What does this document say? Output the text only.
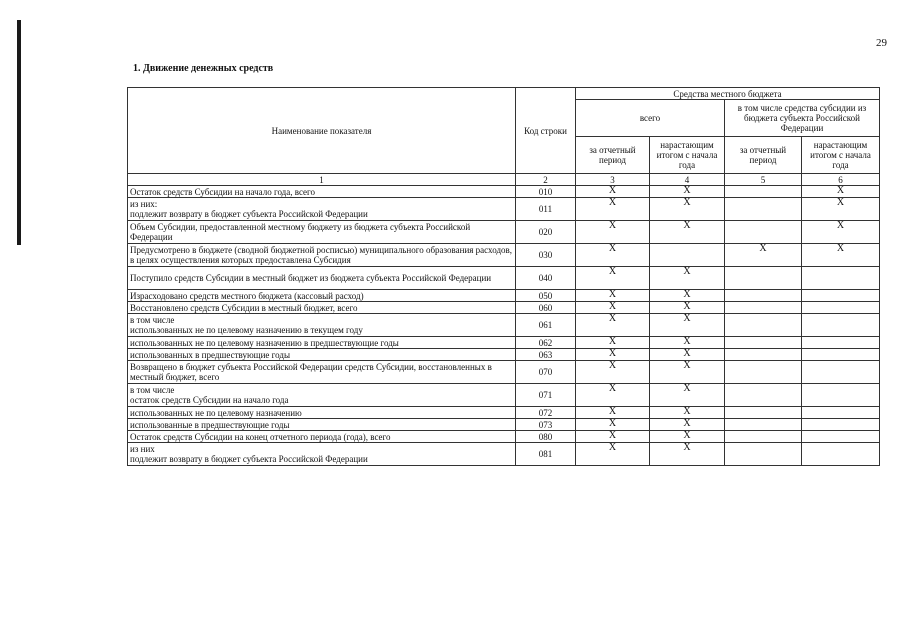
29
1. Движение денежных средств
Наименование показателя	Код строки	Средства местного бюджета			
		всего		в том числе средства субсидии из бюджета субъекта Российской Федерации	
		за отчетный период	нарастающим итогом с начала года	за отчетный период	нарастающим итогом с начала года
1	2	3	4	5	6
Остаток средств Субсидии на начало года, всего	010	X	X		X
из них:
подлежит возврату в бюджет субъекта Российской Федерации	011	X	X		X
Объем Субсидии, предоставленной местному бюджету из бюджета субъекта Российской Федерации	020	X	X		X
Предусмотрено в бюджете (сводной бюджетной росписью) муниципального образования расходов, в целях осуществления которых предоставлена Субсидия	030	X		X	X
Поступило средств Субсидии в местный бюджет из бюджета субъекта Российской Федерации	040	X	X		
Израсходовано средств местного бюджета (кассовый расход)	050	X	X		
Восстановлено средств Субсидии в местный бюджет, всего	060	X	X		
в том числе
использованных не по целевому назначению в текущем году	061	X	X		
использованных не по целевому назначению в предшествующие годы	062	X	X		
использованных в предшествующие годы	063	X	X		
Возвращено в бюджет субъекта Российской Федерации средств Субсидии, восстановленных в местный бюджет, всего	070	X	X		
в том числе
остаток средств Субсидии на начало года	071	X	X		
использованных не по целевому назначению	072	X	X		
использованные в предшествующие годы	073	X	X		
Остаток средств Субсидии на конец отчетного периода (года), всего	080	X	X		
из них
подлежит возврату в бюджет субъекта Российской Федерации	081	X	X		
